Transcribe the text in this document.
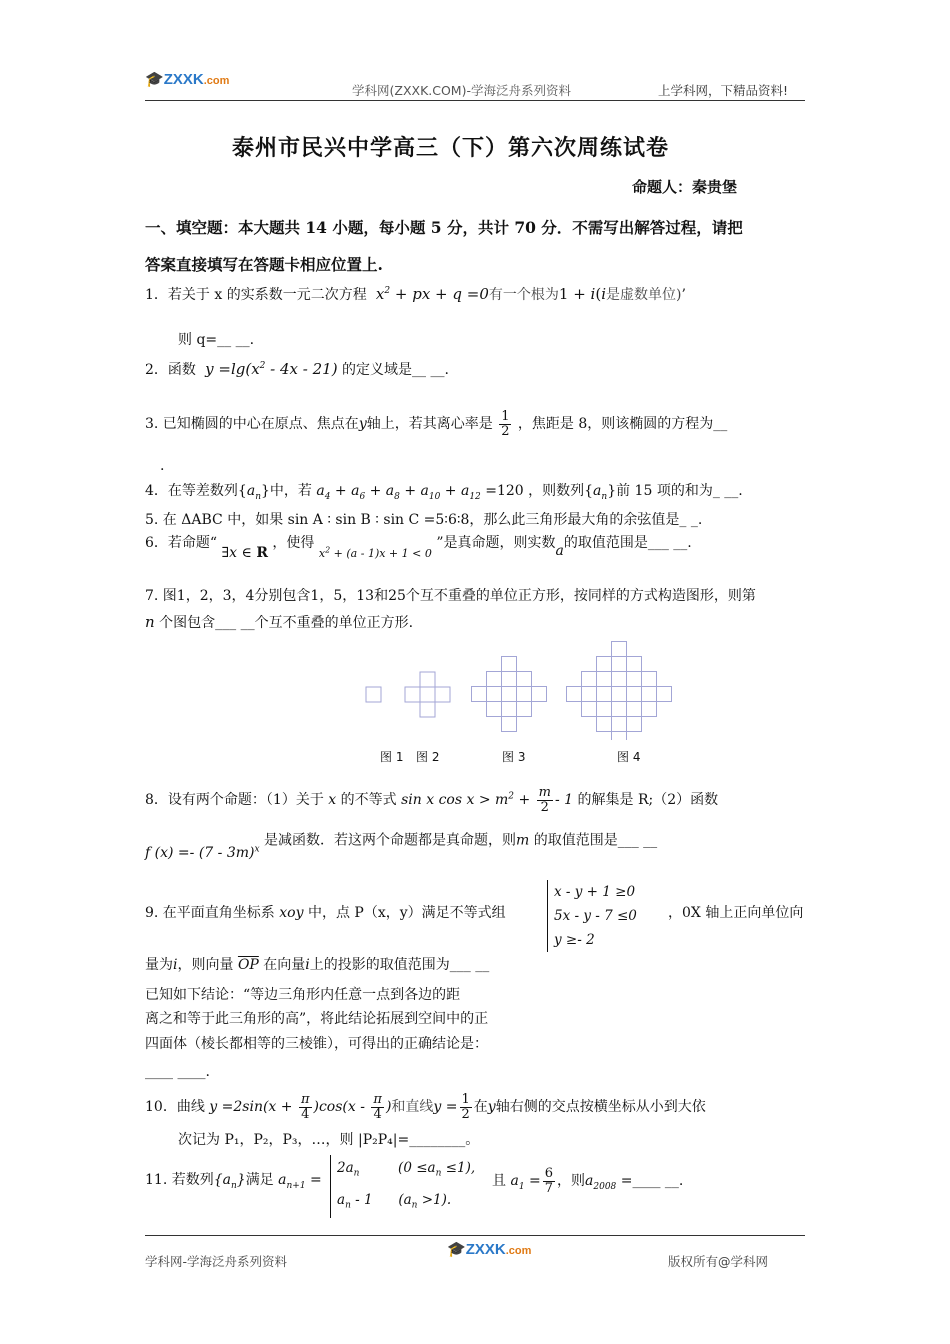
🎓ZXXK.com
学科网(ZXXK.COM)-学海泛舟系列资料	上学科网，下精品资料!
泰州市民兴中学高三（下）第六次周练试卷
命题人：秦贵堡
一、填空题：本大题共 14 小题，每小题 5 分，共计 70 分．不需写出解答过程，请把
答案直接填写在答题卡相应位置上.
1．若关于 x 的实系数一元二次方程  $x^2$ + px + q =0有一个根为1 + i(i是虚数单位)’
则 q=__ __.
2．函数  $y =\lg(x^2 - 4x - 21)$ 的定义域是__ __.
3. 已知椭圆的中心在原点、焦点在y轴上，若其离心率是 $\frac{1}{2}$ ，焦距是 8，则该椭圆的方程为__
.
4．在等差数列$\{a_n\}$中，若 $a_4 + a_6 + a_8 + a_{10} + a_{12} =120$ ，则数列$\{a_n\}$前 15 项的和为_ __.
5. 在 ΔABC 中，如果 sin A ∶ sin B ∶ sin C =5∶6∶8，那么此三角形最大角的余弦值是_ _.
6．若命题“ ∃x ∈ R ，使得 $_{x^2 + (a - 1)x + 1 < 0}$ ”是真命题，则实数a的取值范围是___ __.
7. 图1，2，3，4分别包含1，5，13和25个互不重叠的单位正方形，按同样的方式构造图形，则第
n 个图包含___ __个互不重叠的单位正方形.
图 1 图 2	图 3	图 4
8．设有两个命题：（1）关于 x 的不等式 sin x $\cos x > m^2 + \frac{m}{2} - 1$ 的解集是 R;（2）函数
f (x) =- (7 - 3m)$^x$ 是减函数．若这两个命题都是真命题，则m 的取值范围是___ __
9. 在平面直角坐标系 xoy 中，点 P（x，y）满足不等式组
x - y + 1 ≥0
5x - y - 7 ≤0
y ≥- 2
，0X 轴上正向单位向
量为i，则向量 $\overline{OP}$ 在向量i上的投影的取值范围为___ __
已知如下结论：“等边三角形内任意一点到各边的距
离之和等于此三角形的高”，将此结论拓展到空间中的正
四面体（棱长都相等的三棱锥），可得出的正确结论是：
____ ____.
10．曲线 $y =2\sin(x + \frac{\pi}{4} )\cos(x - \frac{\pi}{4}$ )和直线$y = \frac{1}{2}$ 在y轴右侧的交点按横坐标从小到大依
次记为 P₁，P₂，P₃，…，则 |P₂P₄|=________。
11. 若数列$\{a_n\}$满足 $a_{n+1}$ =
$2a_n$         $(0 \le a_n \le 1)$,
$a_n - 1$      $(a_n >1)$.
且 $a_1 = \frac{6}{7}$ ，则$a_{2008}$ =____ __.
学科网-学海泛舟系列资料
🎓ZXXK.com
版权所有@学科网
